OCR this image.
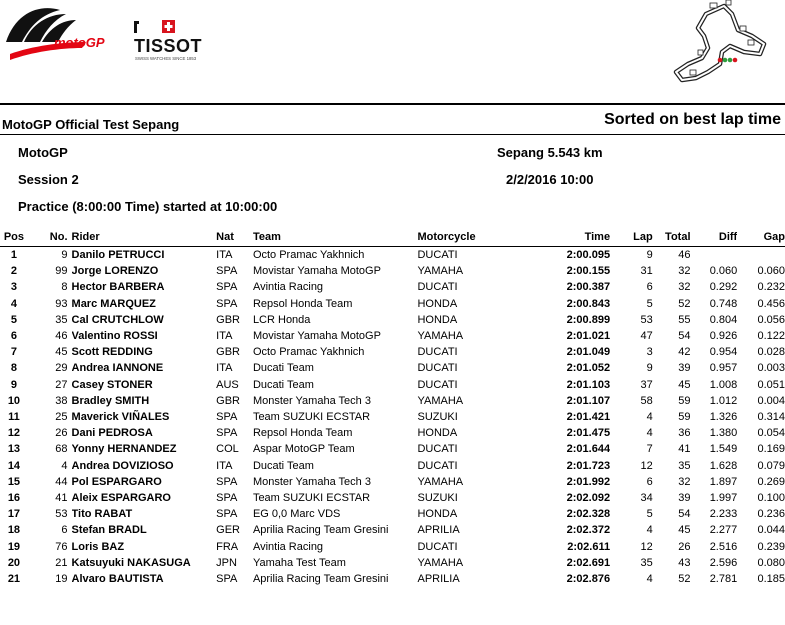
motoGP TISSOT
SWISS WATCHES SINCE 1853
MotoGP Official Test Sepang	Sorted on best lap time
MotoGP	Sepang 5.543 km
Session 2	2/2/2016 10:00
Practice (8:00:00 Time) started at 10:00:00
Pos	No.	Rider	Nat	Team	Motorcycle	Time	Lap	Total	Diff	Gap
1	9	Danilo PETRUCCI	ITA	Octo Pramac Yakhnich	DUCATI	2:00.095	9	46		
2	99	Jorge LORENZO	SPA	Movistar Yamaha MotoGP	YAMAHA	2:00.155	31	32	0.060	0.060
3	8	Hector BARBERA	SPA	Avintia Racing	DUCATI	2:00.387	6	32	0.292	0.232
4	93	Marc MARQUEZ	SPA	Repsol Honda Team	HONDA	2:00.843	5	52	0.748	0.456
5	35	Cal CRUTCHLOW	GBR	LCR Honda	HONDA	2:00.899	53	55	0.804	0.056
6	46	Valentino ROSSI	ITA	Movistar Yamaha MotoGP	YAMAHA	2:01.021	47	54	0.926	0.122
7	45	Scott REDDING	GBR	Octo Pramac Yakhnich	DUCATI	2:01.049	3	42	0.954	0.028
8	29	Andrea IANNONE	ITA	Ducati Team	DUCATI	2:01.052	9	39	0.957	0.003
9	27	Casey STONER	AUS	Ducati Team	DUCATI	2:01.103	37	45	1.008	0.051
10	38	Bradley SMITH	GBR	Monster Yamaha Tech 3	YAMAHA	2:01.107	58	59	1.012	0.004
11	25	Maverick VIÑALES	SPA	Team SUZUKI ECSTAR	SUZUKI	2:01.421	4	59	1.326	0.314
12	26	Dani PEDROSA	SPA	Repsol Honda Team	HONDA	2:01.475	4	36	1.380	0.054
13	68	Yonny HERNANDEZ	COL	Aspar MotoGP Team	DUCATI	2:01.644	7	41	1.549	0.169
14	4	Andrea DOVIZIOSO	ITA	Ducati Team	DUCATI	2:01.723	12	35	1.628	0.079
15	44	Pol ESPARGARO	SPA	Monster Yamaha Tech 3	YAMAHA	2:01.992	6	32	1.897	0.269
16	41	Aleix ESPARGARO	SPA	Team SUZUKI ECSTAR	SUZUKI	2:02.092	34	39	1.997	0.100
17	53	Tito RABAT	SPA	EG 0,0 Marc VDS	HONDA	2:02.328	5	54	2.233	0.236
18	6	Stefan BRADL	GER	Aprilia Racing Team Gresini	APRILIA	2:02.372	4	45	2.277	0.044
19	76	Loris BAZ	FRA	Avintia Racing	DUCATI	2:02.611	12	26	2.516	0.239
20	21	Katsuyuki NAKASUGA	JPN	Yamaha Test Team	YAMAHA	2:02.691	35	43	2.596	0.080
21	19	Alvaro BAUTISTA	SPA	Aprilia Racing Team Gresini	APRILIA	2:02.876	4	52	2.781	0.185
